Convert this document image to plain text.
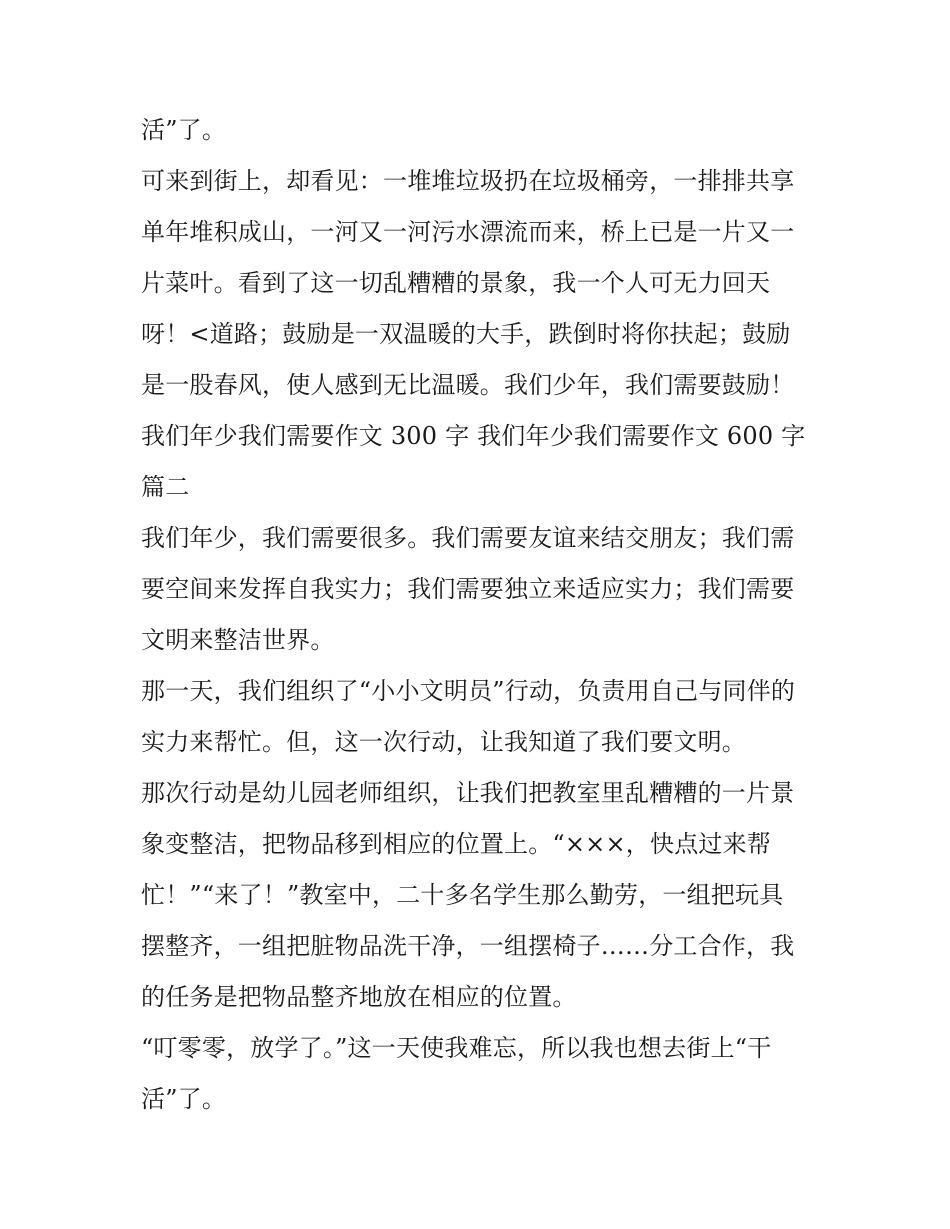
活”了。
可来到街上，却看见：一堆堆垃圾扔在垃圾桶旁，一排排共享
单年堆积成山，一河又一河污水漂流而来，桥上已是一片又一
片菜叶。看到了这一切乱糟糟的景象，我一个人可无力回天
呀！<道路；鼓励是一双温暖的大手，跌倒时将你扶起；鼓励
是一股春风，使人感到无比温暖。我们少年，我们需要鼓励！
我们年少我们需要作文 300 字 我们年少我们需要作文 600 字
篇二
我们年少，我们需要很多。我们需要友谊来结交朋友；我们需
要空间来发挥自我实力；我们需要独立来适应实力；我们需要
文明来整洁世界。
那一天，我们组织了“小小文明员”行动，负责用自己与同伴的
实力来帮忙。但，这一次行动，让我知道了我们要文明。
那次行动是幼儿园老师组织，让我们把教室里乱糟糟的一片景
象变整洁，把物品移到相应的位置上。“×××，快点过来帮
忙！”“来了！”教室中，二十多名学生那么勤劳，一组把玩具
摆整齐，一组把脏物品洗干净，一组摆椅子……分工合作，我
的任务是把物品整齐地放在相应的位置。
“叮零零，放学了。”这一天使我难忘，所以我也想去街上“干
活”了。
